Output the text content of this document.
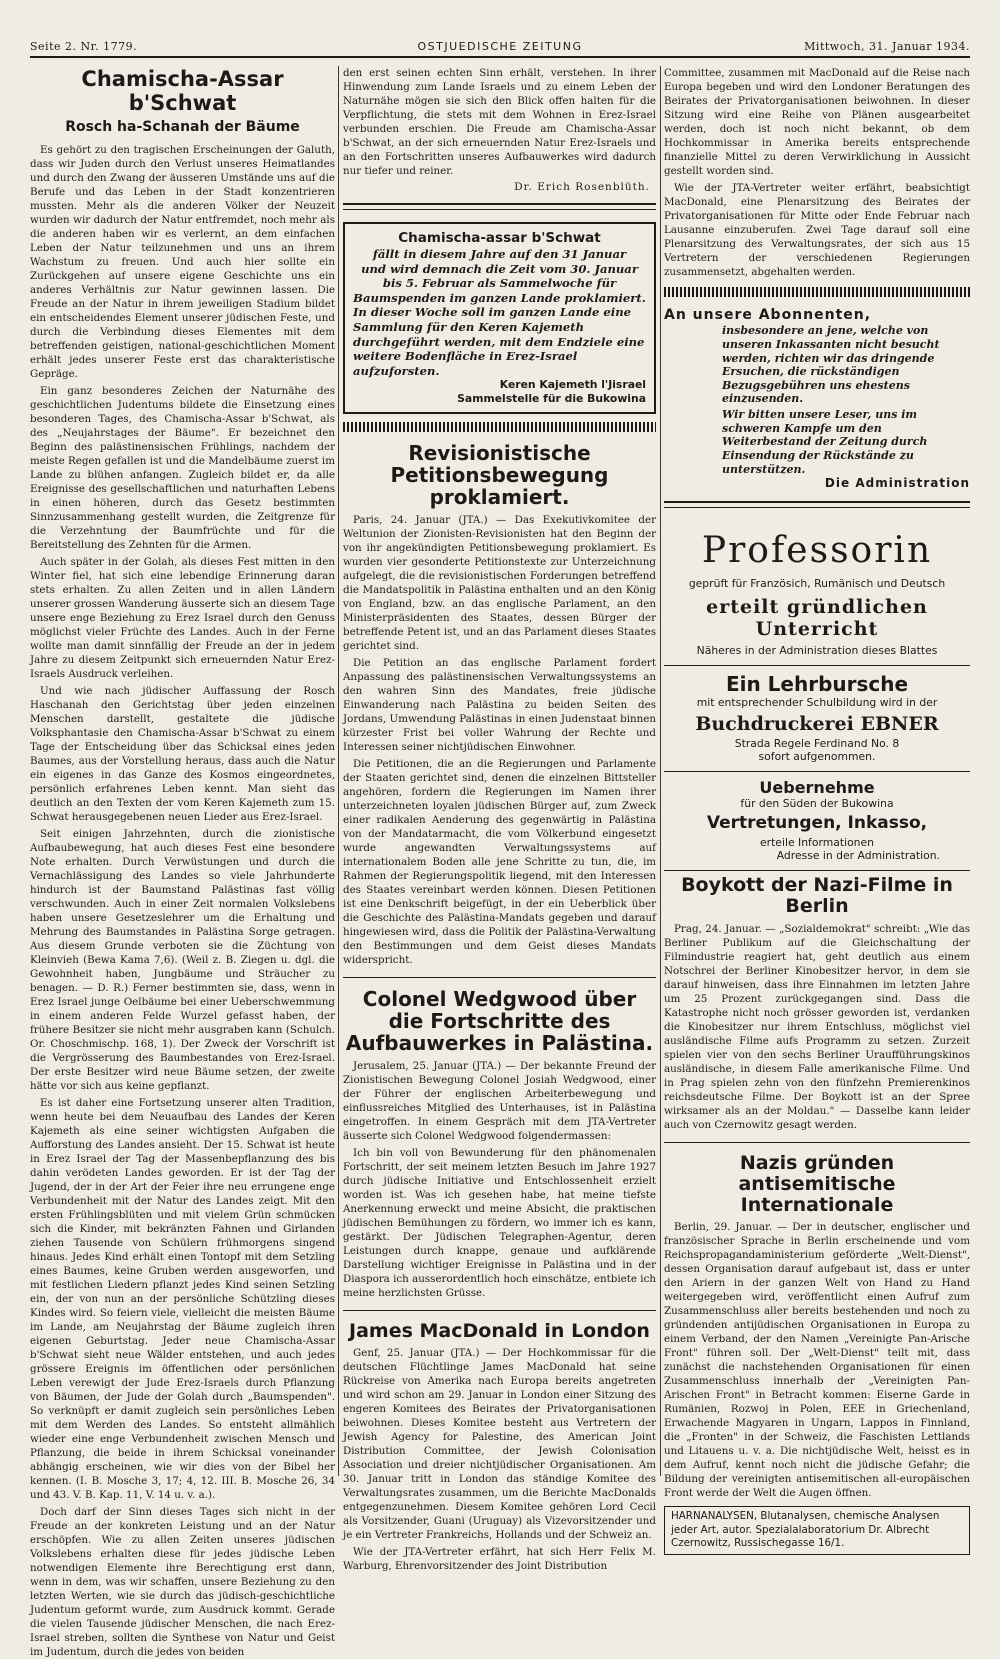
Seite 2. Nr. 1779.	OSTJUEDISCHE ZEITUNG	Mittwoch, 31. Januar 1934.
Chamischa-Assar b'Schwat
Rosch ha-Schanah der Bäume

Es gehört zu den tragischen Erscheinungen der Galuth, dass wir Juden durch den Verlust unseres Heimatlandes und durch den Zwang der äusseren Umstände uns auf die Berufe und das Leben in der Stadt konzentrieren mussten. Mehr als die anderen Völker der Neuzeit wurden wir dadurch der Natur entfremdet, noch mehr als die anderen haben wir es verlernt, an dem einfachen Leben der Natur teilzunehmen und uns an ihrem Wachstum zu freuen. Und auch hier sollte ein Zurückgehen auf unsere eigene Geschichte uns ein anderes Verhältnis zur Natur gewinnen lassen. Die Freude an der Natur in ihrem jeweiligen Stadium bildet ein entscheidendes Element unserer jüdischen Feste, und durch die Verbindung dieses Elementes mit dem betreffenden geistigen, national-geschichtlichen Moment erhält jedes unserer Feste erst das charakteristische Gepräge.

Ein ganz besonderes Zeichen der Naturnähe des geschichtlichen Judentums bildete die Einsetzung eines besonderen Tages, des Chamischa-Assar b'Schwat, als des „Neujahrstages der Bäume". Er bezeichnet den Beginn des palästinensischen Frühlings, nachdem der meiste Regen gefallen ist und die Mandelbäume zuerst im Lande zu blühen anfangen. Zugleich bildet er, da alle Ereignisse des gesellschaftlichen und naturhaften Lebens in einen höheren, durch das Gesetz bestimmten Sinnzusammenhang gestellt wurden, die Zeitgrenze für die Verzehntung der Baumfrüchte und für die Bereitstellung des Zehnten für die Armen.

Auch später in der Golah, als dieses Fest mitten in den Winter fiel, hat sich eine lebendige Erinnerung daran stets erhalten. Zu allen Zeiten und in allen Ländern unserer grossen Wanderung äusserte sich an diesem Tage unsere enge Beziehung zu Erez Israel durch den Genuss möglichst vieler Früchte des Landes. Auch in der Ferne wollte man damit sinnfällig der Freude an der in jedem Jahre zu diesem Zeitpunkt sich erneuernden Natur Erez-Israels Ausdruck verleihen.

Und wie nach jüdischer Auffassung der Rosch Haschanah den Gerichtstag über jeden einzelnen Menschen darstellt, gestaltete die jüdische Volksphantasie den Chamischa-Assar b'Schwat zu einem Tage der Entscheidung über das Schicksal eines jeden Baumes, aus der Vorstellung heraus, dass auch die Natur ein eigenes in das Ganze des Kosmos eingeordnetes, persönlich erfahrenes Leben kennt. Man sieht das deutlich an den Texten der vom Keren Kajemeth zum 15. Schwat herausgegebenen neuen Lieder aus Erez-Israel.

Seit einigen Jahrzehnten, durch die zionistische Aufbaubewegung, hat auch dieses Fest eine besondere Note erhalten. Durch Verwüstungen und durch die Vernachlässigung des Landes so viele Jahrhunderte hindurch ist der Baumstand Palästinas fast völlig verschwunden. Auch in einer Zeit normalen Volkslebens haben unsere Gesetzeslehrer um die Erhaltung und Mehrung des Baumstandes in Palästina Sorge getragen. Aus diesem Grunde verboten sie die Züchtung von Kleinvieh (Bewa Kama 7,6). (Weil z. B. Ziegen u. dgl. die Gewohnheit haben, Jungbäume und Sträucher zu benagen. — D. R.) Ferner bestimmten sie, dass, wenn in Erez Israel junge Oelbäume bei einer Ueberschwemmung in einem anderen Felde Wurzel gefasst haben, der frühere Besitzer sie nicht mehr ausgraben kann (Schulch. Or. Choschmischp. 168, 1). Der Zweck der Vorschrift ist die Vergrösserung des Baumbestandes von Erez-Israel. Der erste Besitzer wird neue Bäume setzen, der zweite hätte vor sich aus keine gepflanzt.

Es ist daher eine Fortsetzung unserer alten Tradition, wenn heute bei dem Neuaufbau des Landes der Keren Kajemeth als eine seiner wichtigsten Aufgaben die Aufforstung des Landes ansieht. Der 15. Schwat ist heute in Erez Israel der Tag der Massenbepflanzung des bis dahin verödeten Landes geworden. Er ist der Tag der Jugend, der in der Art der Feier ihre neu errungene enge Verbundenheit mit der Natur des Landes zeigt. Mit den ersten Frühlingsblüten und mit vielem Grün schmücken sich die Kinder, mit bekränzten Fahnen und Girlanden ziehen Tausende von Schülern frühmorgens singend hinaus. Jedes Kind erhält einen Tontopf mit dem Setzling eines Baumes, keine Gruben werden ausgeworfen, und mit festlichen Liedern pflanzt jedes Kind seinen Setzling ein, der von nun an der persönliche Schützling dieses Kindes wird. So feiern viele, vielleicht die meisten Bäume im Lande, am Neujahrstag der Bäume zugleich ihren eigenen Geburtstag. Jeder neue Chamischa-Assar b'Schwat sieht neue Wälder entstehen, und auch jedes grössere Ereignis im öffentlichen oder persönlichen Leben verewigt der Jude Erez-Israels durch Pflanzung von Bäumen, der Jude der Golah durch „Baumspenden". So verknüpft er damit zugleich sein persönliches Leben mit dem Werden des Landes. So entsteht allmählich wieder eine enge Verbundenheit zwischen Mensch und Pflanzung, die beide in ihrem Schicksal voneinander abhängig erscheinen, wie wir dies von der Bibel her kennen. (I. B. Mosche 3, 17; 4, 12. III. B. Mosche 26, 34 und 43. V. B. Kap. 11, V. 14 u. v. a.).

Doch darf der Sinn dieses Tages sich nicht in der Freude an der konkreten Leistung und an der Natur erschöpfen. Wie zu allen Zeiten unseres jüdischen Volkslebens erhalten diese für jedes jüdische Leben notwendigen Elemente ihre Berechtigung erst dann, wenn in dem, was wir schaffen, unsere Beziehung zu den letzten Werten, wie sie durch das jüdisch-geschichtliche Judentum geformt wurde, zum Ausdruck kommt. Gerade die vielen Tausende jüdischer Menschen, die nach Erez-Israel streben, sollten die Synthese von Natur und Geist im Judentum, durch die jedes von beiden

den erst seinen echten Sinn erhält, verstehen. In ihrer Hinwendung zum Lande Israels und zu einem Leben der Naturnähe mögen sie sich den Blick offen halten für die Verpflichtung, die stets mit dem Wohnen in Erez-Israel verbunden erschien. Die Freude am Chamischa-Assar b'Schwat, an der sich erneuernden Natur Erez-Israels und an den Fortschritten unseres Aufbauwerkes wird dadurch nur tiefer und reiner.

Dr. Erich Rosenblüth.
Chamischa-assar b'Schwat
fällt in diesem Jahre auf den 31 Januar
und wird demnach die Zeit vom 30. Januar
bis 5. Februar als Sammelwoche für Baumspenden im ganzen Lande proklamiert.
In dieser Woche soll im ganzen Lande eine Sammlung für den Keren Kajemeth durchgeführt werden, mit dem Endziele eine weitere Bodenfläche in Erez-Israel aufzuforsten.
Keren Kajemeth l'Jisrael
Sammelstelle für die Bukowina
Revisionistische Petitionsbewegung proklamiert.

Paris, 24. Januar (JTA.) — Das Exekutivkomitee der Weltunion der Zionisten-Revisionisten hat den Beginn der von ihr angekündigten Petitionsbewegung proklamiert. Es wurden vier gesonderte Petitionstexte zur Unterzeichnung aufgelegt, die die revisionistischen Forderungen betreffend die Mandatspolitik in Palästina enthalten und an den König von England, bzw. an das englische Parlament, an den Ministerpräsidenten des Staates, dessen Bürger der betreffende Petent ist, und an das Parlament dieses Staates gerichtet sind.

Die Petition an das englische Parlament fordert Anpassung des palästinensischen Verwaltungssystems an den wahren Sinn des Mandates, freie jüdische Einwanderung nach Palästina zu beiden Seiten des Jordans, Umwendung Palästinas in einen Judenstaat binnen kürzester Frist bei voller Wahrung der Rechte und Interessen seiner nichtjüdischen Einwohner.

Die Petitionen, die an die Regierungen und Parlamente der Staaten gerichtet sind, denen die einzelnen Bittsteller angehören, fordern die Regierungen im Namen ihrer unterzeichneten loyalen jüdischen Bürger auf, zum Zweck einer radikalen Aenderung des gegenwärtig in Palästina von der Mandatarmacht, die vom Völkerbund eingesetzt wurde angewandten Verwaltungssystems auf internationalem Boden alle jene Schritte zu tun, die, im Rahmen der Regierungspolitik liegend, mit den Interessen des Staates vereinbart werden können. Diesen Petitionen ist eine Denkschrift beigefügt, in der ein Ueberblick über die Geschichte des Palästina-Mandats gegeben und darauf hingewiesen wird, dass die Politik der Palästina-Verwaltung den Bestimmungen und dem Geist dieses Mandats widerspricht.

Colonel Wedgwood über die Fortschritte des Aufbauwerkes in Palästina.

Jerusalem, 25. Januar (JTA.) — Der bekannte Freund der Zionistischen Bewegung Colonel Josiah Wedgwood, einer der Führer der englischen Arbeiterbewegung und einflussreiches Mitglied des Unterhauses, ist in Palästina eingetroffen. In einem Gespräch mit dem JTA-Vertreter äusserte sich Colonel Wedgwood folgendermassen:

Ich bin voll von Bewunderung für den phänomenalen Fortschritt, der seit meinem letzten Besuch im Jahre 1927 durch jüdische Initiative und Entschlossenheit erzielt worden ist. Was ich gesehen habe, hat meine tiefste Anerkennung erweckt und meine Absicht, die praktischen jüdischen Bemühungen zu fördern, wo immer ich es kann, gestärkt. Der Jüdischen Telegraphen-Agentur, deren Leistungen durch knappe, genaue und aufklärende Darstellung wichtiger Ereignisse in Palästina und in der Diaspora ich ausserordentlich hoch einschätze, entbiete ich meine herzlichsten Grüsse.

James MacDonald in London

Genf, 25. Januar (JTA.) — Der Hochkommissar für die deutschen Flüchtlinge James MacDonald hat seine Rückreise von Amerika nach Europa bereits angetreten und wird schon am 29. Januar in London einer Sitzung des engeren Komitees des Beirates der Privatorganisationen beiwohnen. Dieses Komitee besteht aus Vertretern der Jewish Agency for Palestine, des American Joint Distribution Committee, der Jewish Colonisation Association und dreier nichtjüdischer Organisationen. Am 30. Januar tritt in London das ständige Komitee des Verwaltungsrates zusammen, um die Berichte MacDonalds entgegenzunehmen. Diesem Komitee gehören Lord Cecil als Vorsitzender, Guani (Uruguay) als Vizevorsitzender und je ein Vertreter Frankreichs, Hollands und der Schweiz an.

Wie der JTA-Vertreter erfährt, hat sich Herr Felix M. Warburg, Ehrenvorsitzender des Joint Distribution

Committee, zusammen mit MacDonald auf die Reise nach Europa begeben und wird den Londoner Beratungen des Beirates der Privatorganisationen beiwohnen. In dieser Sitzung wird eine Reihe von Plänen ausgearbeitet werden, doch ist noch nicht bekannt, ob dem Hochkommissar in Amerika bereits entsprechende finanzielle Mittel zu deren Verwirklichung in Aussicht gestellt worden sind.

Wie der JTA-Vertreter weiter erfährt, beabsichtigt MacDonald, eine Plenarsitzung des Beirates der Privatorganisationen für Mitte oder Ende Februar nach Lausanne einzuberufen. Zwei Tage darauf soll eine Plenarsitzung des Verwaltungsrates, der sich aus 15 Vertretern der verschiedenen Regierungen zusammensetzt, abgehalten werden.

An unsere Abonnenten,
insbesondere an jene, welche von unseren Inkassanten nicht besucht werden, richten wir das dringende Ersuchen, die rückständigen Bezugsgebühren uns ehestens einzusenden.
Wir bitten unsere Leser, uns im schweren Kampfe um den Weiterbestand der Zeitung durch Einsendung der Rückstände zu unterstützen.
Die Administration
Professorin
geprüft für Französich, Rumänisch und Deutsch
erteilt gründlichen Unterricht
Näheres in der Administration dieses Blattes
Ein Lehrbursche
mit entsprechender Schulbildung wird in der
Buchdruckerei EBNER
Strada Regele Ferdinand No. 8
sofort aufgenommen.
Uebernehme
für den Süden der Bukowina
Vertretungen, Inkasso,
erteile Informationen
Adresse in der Administration.
Boykott der Nazi-Filme in Berlin

Prag, 24. Januar. — „Sozialdemokrat" schreibt: „Wie das Berliner Publikum auf die Gleichschaltung der Filmindustrie reagiert hat, geht deutlich aus einem Notschrei der Berliner Kinobesitzer hervor, in dem sie darauf hinweisen, dass ihre Einnahmen im letzten Jahre um 25 Prozent zurückgegangen sind. Dass die Katastrophe nicht noch grösser geworden ist, verdanken die Kinobesitzer nur ihrem Entschluss, möglichst viel ausländische Filme aufs Programm zu setzen. Zurzeit spielen vier von den sechs Berliner Uraufführungskinos ausländische, in diesem Falle amerikanische Filme. Und in Prag spielen zehn von den fünfzehn Premierenkinos reichsdeutsche Filme. Der Boykott ist an der Spree wirksamer als an der Moldau." — Dasselbe kann leider auch von Czernowitz gesagt werden.

Nazis gründen antisemitische Internationale

Berlin, 29. Januar. — Der in deutscher, englischer und französischer Sprache in Berlin erscheinende und vom Reichspropagandaministerium geförderte „Welt-Dienst", dessen Organisation darauf aufgebaut ist, dass er unter den Ariern in der ganzen Welt von Hand zu Hand weitergegeben wird, veröffentlicht einen Aufruf zum Zusammenschluss aller bereits bestehenden und noch zu gründenden antijüdischen Organisationen in Europa zu einem Verband, der den Namen „Vereinigte Pan-Arische Front" führen soll. Der „Welt-Dienst" teilt mit, dass zunächst die nachstehenden Organisationen für einen Zusammenschluss innerhalb der „Vereinigten Pan-Arischen Front" in Betracht kommen: Eiserne Garde in Rumänien, Rozwoj in Polen, EEE in Griechenland, Erwachende Magyaren in Ungarn, Lappos in Finnland, die „Fronten" in der Schweiz, die Faschisten Lettlands und Litauens u. v. a. Die nichtjüdische Welt, heisst es in dem Aufruf, kennt noch nicht die jüdische Gefahr; die Bildung der vereinigten antisemitischen all-europäischen Front werde der Welt die Augen öffnen.

HARNANALYSEN, Blutanalysen, chemische Analysen jeder Art, autor. Spezialalaboratorium Dr. Albrecht Czernowitz, Russischegasse 16/1.
